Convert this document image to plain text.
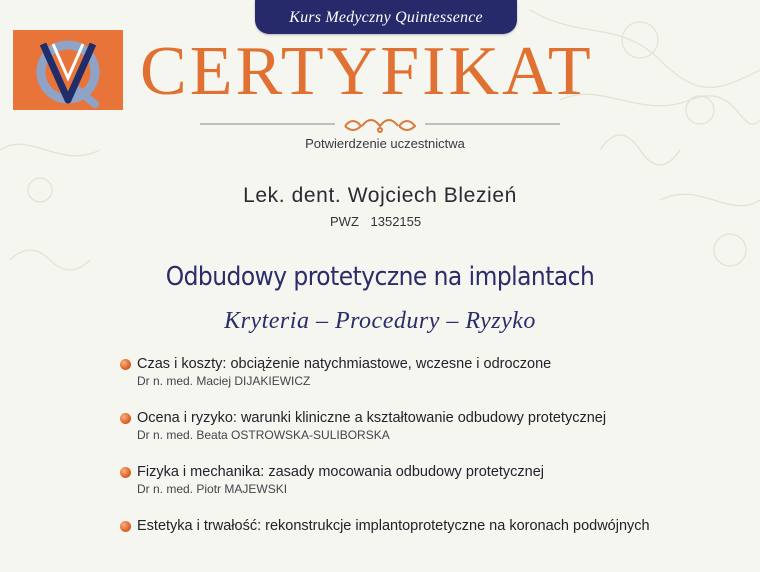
Kurs Medyczny Quintessence
CERTYFIKAT
Potwierdzenie uczestnictwa
Lek. dent. Wojciech Blezień
PWZ 1352155
Odbudowy protetyczne na implantach
Kryteria – Procedury – Ryzyko
Czas i koszty: obciążenie natychmiastowe, wczesne i odroczone
Dr n. med. Maciej DIJAKIEWICZ
Ocena i ryzyko: warunki kliniczne a kształtowanie odbudowy protetycznej
Dr n. med. Beata OSTROWSKA-SULIBORSKA
Fizyka i mechanika: zasady mocowania odbudowy protetycznej
Dr n. med. Piotr MAJEWSKI
Estetyka i trwałość: rekonstrukcje implantoprotetyczne na koronach podwójnych
